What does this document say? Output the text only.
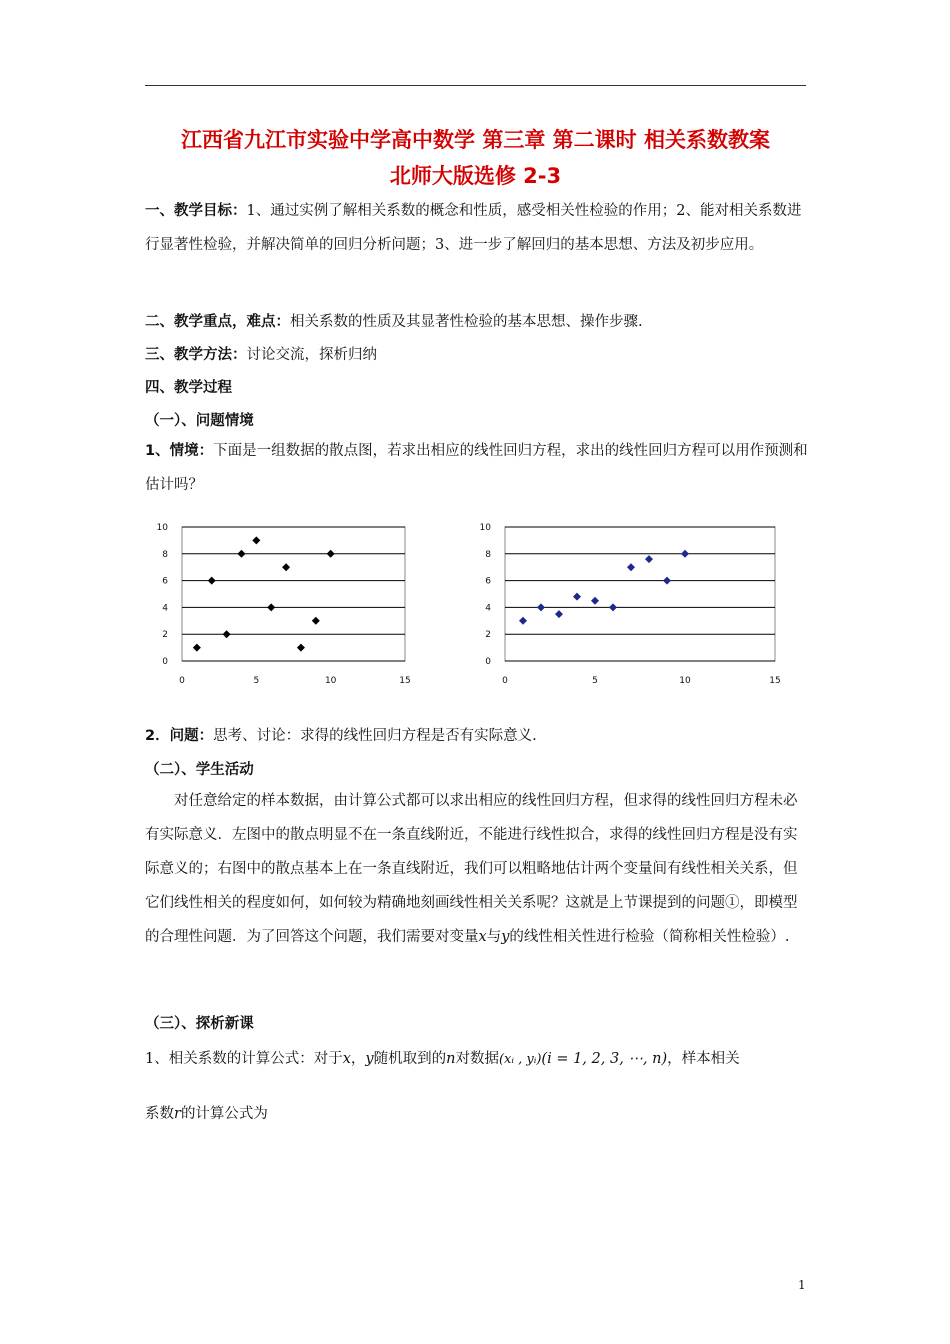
江西省九江市实验中学高中数学 第三章 第二课时 相关系数教案
北师大版选修 2-3
一、教学目标：1、通过实例了解相关系数的概念和性质，感受相关性检验的作用；2、能对相关系数进行显著性检验，并解决简单的回归分析问题；3、进一步了解回归的基本思想、方法及初步应用。
二、教学重点，难点：相关系数的性质及其显著性检验的基本思想、操作步骤.
三、教学方法：讨论交流，探析归纳
四、教学过程
（一）、问题情境
1、情境：下面是一组数据的散点图，若求出相应的线性回归方程，求出的线性回归方程可以用作预测和估计吗？
0
2
4
6
8
10
0	5	10	15
0
2
4
6
8
10
0	5	10	15
2．问题：思考、讨论：求得的线性回归方程是否有实际意义.
（二）、学生活动
对任意给定的样本数据，由计算公式都可以求出相应的线性回归方程，但求得的线性回归方程未必有实际意义．左图中的散点明显不在一条直线附近，不能进行线性拟合，求得的线性回归方程是没有实际意义的；右图中的散点基本上在一条直线附近，我们可以粗略地估计两个变量间有线性相关关系，但它们线性相关的程度如何，如何较为精确地刻画线性相关关系呢？这就是上节课提到的问题①，即模型的合理性问题．为了回答这个问题，我们需要对变量x与y的线性相关性进行检验（简称相关性检验）.
（三）、探析新课
1、相关系数的计算公式：对于x，y随机取到的n对数据(xᵢ , yᵢ)(i = 1, 2, 3, ⋯, n)，样本相关
系数r的计算公式为
1
